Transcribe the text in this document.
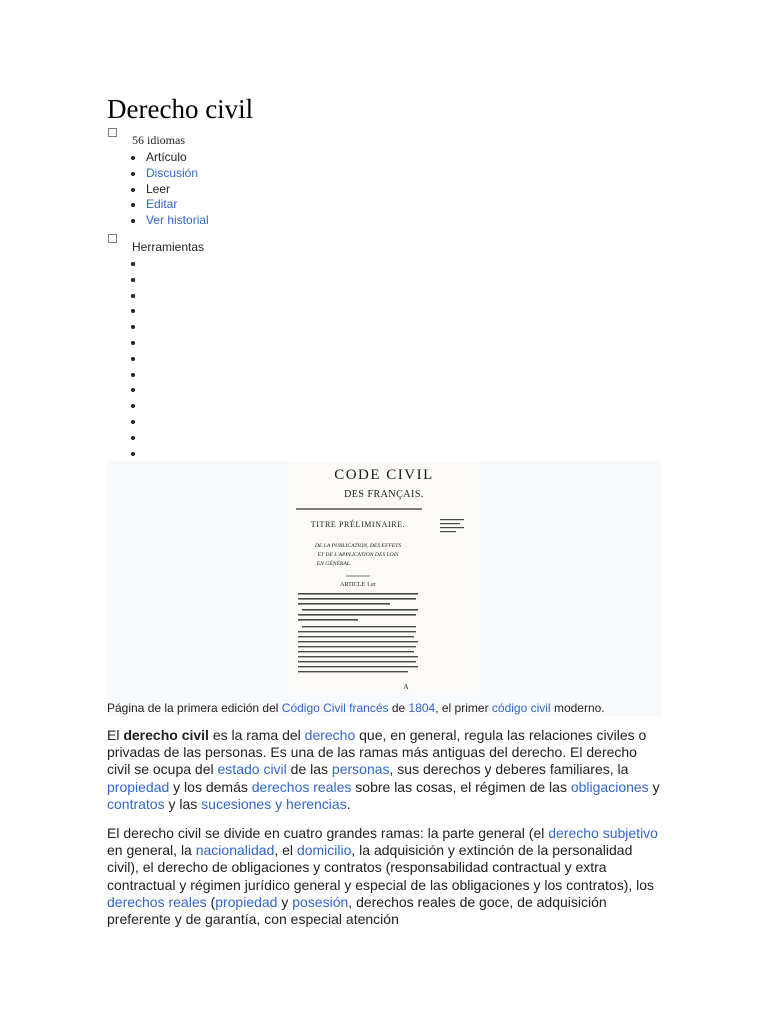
Derecho civil
56 idiomas
Artículo
Discusión
Leer
Editar
Ver historial
Herramientas
CODE CIVIL
DES FRANÇAIS.
TITRE PRÉLIMINAIRE.
DE LA PUBLICATION, DES EFFETS
ET DE L'APPLICATION DES LOIS
EN GÉNÉRAL.
ARTICLE 1.er
A
Página de la primera edición del Código Civil francés de 1804, el primer código civil moderno.

El derecho civil es la rama del derecho que, en general, regula las relaciones civiles o privadas de las personas. Es una de las ramas más antiguas del derecho. El derecho civil se ocupa del estado civil de las personas, sus derechos y deberes familiares, la propiedad y los demás derechos reales sobre las cosas, el régimen de las obligaciones y contratos y las sucesiones y herencias.

El derecho civil se divide en cuatro grandes ramas: la parte general (el derecho subjetivo en general, la nacionalidad, el domicilio, la adquisición y extinción de la personalidad civil), el derecho de obligaciones y contratos (responsabilidad contractual y extra contractual y régimen jurídico general y especial de las obligaciones y los contratos), los derechos reales (propiedad y posesión, derechos reales de goce, de adquisición preferente y de garantía, con especial atención
